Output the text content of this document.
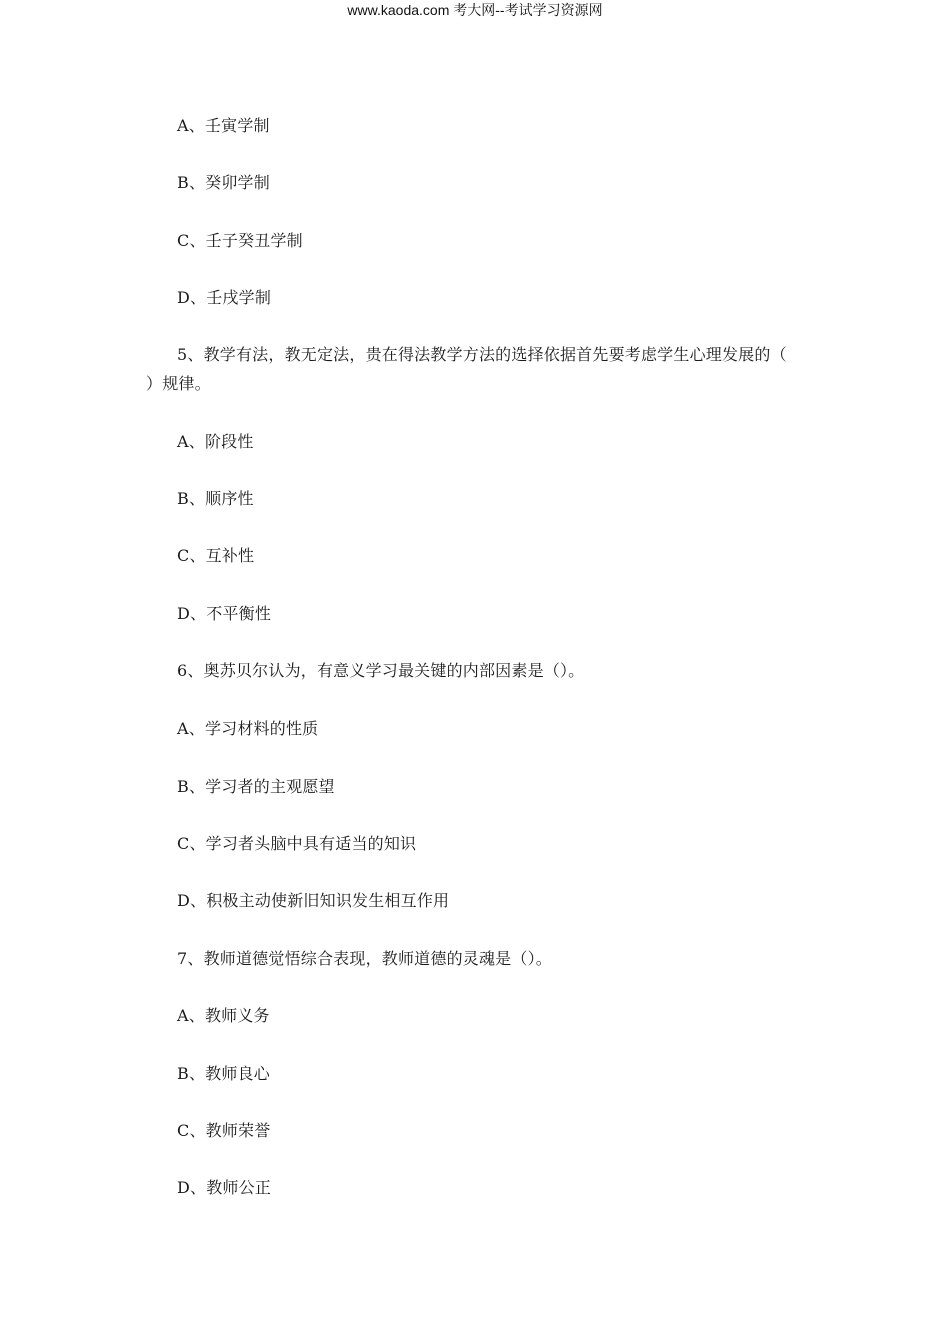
www.kaoda.com 考大网--考试学习资源网
A、壬寅学制
B、癸卯学制
C、壬子癸丑学制
D、壬戌学制
5、教学有法，教无定法，贵在得法教学方法的选择依据首先要考虑学生心理发展的（
）规律。
A、阶段性
B、顺序性
C、互补性
D、不平衡性
6、奥苏贝尔认为，有意义学习最关键的内部因素是（）。
A、学习材料的性质
B、学习者的主观愿望
C、学习者头脑中具有适当的知识
D、积极主动使新旧知识发生相互作用
7、教师道德觉悟综合表现，教师道德的灵魂是（）。
A、教师义务
B、教师良心
C、教师荣誉
D、教师公正
